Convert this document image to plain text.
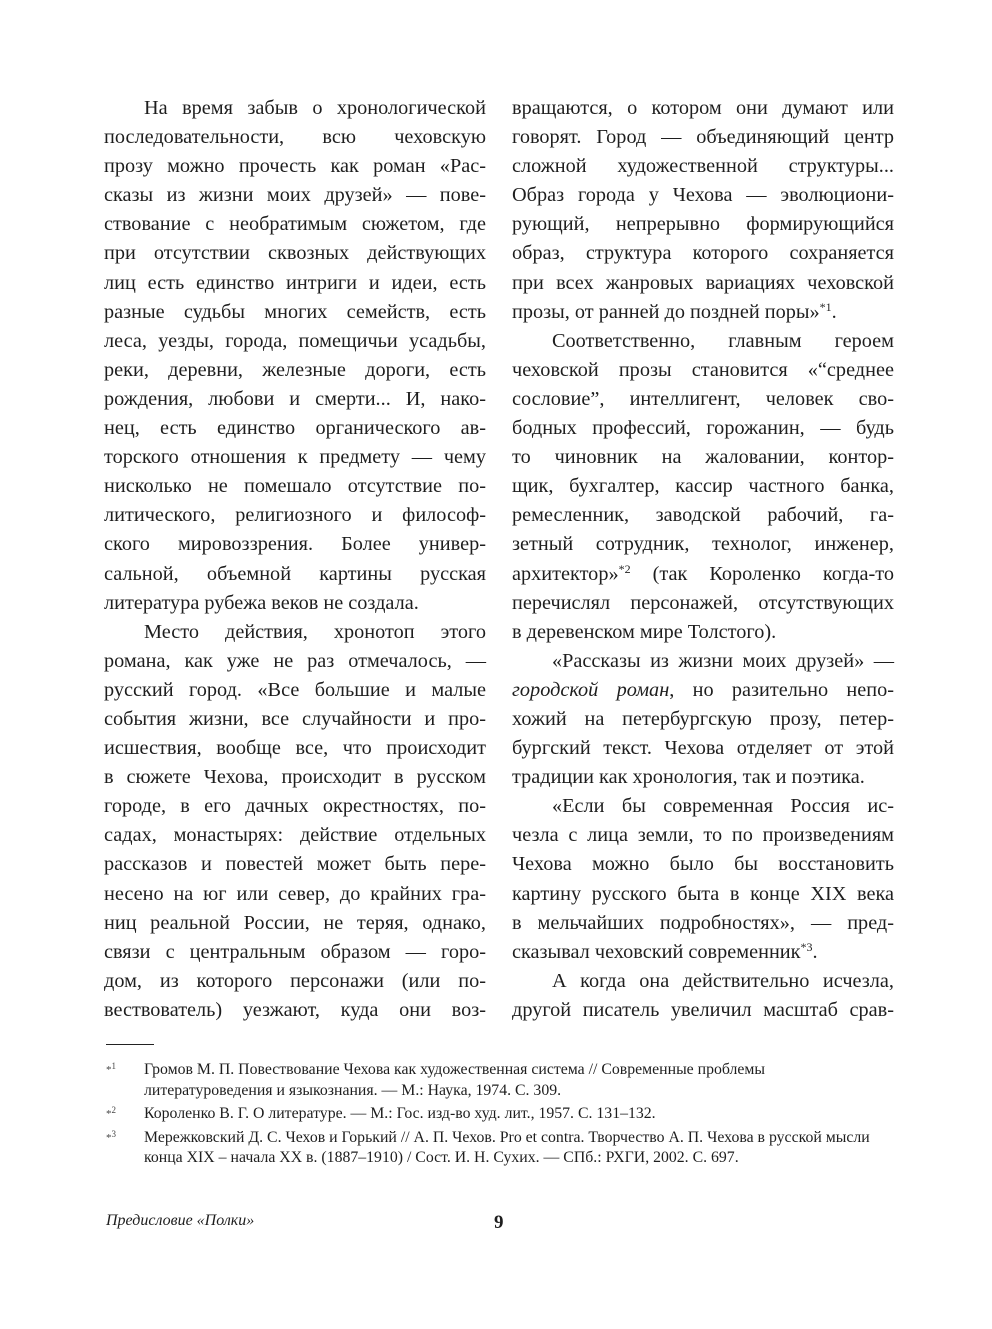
На время забыв о хронологической
последовательности, всю чеховскую
прозу можно прочесть как роман «Рас-
сказы из жизни моих друзей» — пове-
ствование с необратимым сюжетом, где
при отсутствии сквозных действующих
лиц есть единство интриги и идеи, есть
разные судьбы многих семейств, есть
леса, уезды, города, помещичьи усадьбы,
реки, деревни, железные дороги, есть
рождения, любови и смерти... И, нако-
нец, есть единство органического ав-
торского отношения к предмету — чему
нисколько не помешало отсутствие по-
литического, религиозного и философ-
ского мировоззрения. Более универ-
сальной, объемной картины русская
литература рубежа веков не создала.
Место действия, хронотоп этого
романа, как уже не раз отмечалось, —
русский город. «Все большие и малые
события жизни, все случайности и про-
исшествия, вообще все, что происходит
в сюжете Чехова, происходит в русском
городе, в его дачных окрестностях, по-
садах, монастырях: действие отдельных
рассказов и повестей может быть пере-
несено на юг или север, до крайних гра-
ниц реальной России, не теряя, однако,
связи с центральным образом — горо-
дом, из которого персонажи (или по-
вествователь) уезжают, куда они воз-
вращаются, о котором они думают или
говорят. Город — объединяющий центр
сложной художественной структуры...
Образ города у Чехова — эволюциони-
рующий, непрерывно формирующийся
образ, структура которого сохраняется
при всех жанровых вариациях чеховской
прозы, от ранней до поздней поры»$^{*1}$.
Соответственно, главным героем
чеховской прозы становится «“среднее
сословие”, интеллигент, человек сво-
бодных профессий, горожанин, — будь
то чиновник на жаловании, контор-
щик, бухгалтер, кассир частного банка,
ремесленник, заводской рабочий, га-
зетный сотрудник, технолог, инженер,
архитектор»$^{*2}$ (так Короленко когда-то
перечислял персонажей, отсутствующих
в деревенском мире Толстого).
«Рассказы из жизни моих друзей» —
городской роман, но разительно непо-
хожий на петербургскую прозу, петер-
бургский текст. Чехова отделяет от этой
традиции как хронология, так и поэтика.
«Если бы современная Россия ис-
чезла с лица земли, то по произведениям
Чехова можно было бы восстановить
картину русского быта в конце XIX века
в мельчайших подробностях», — пред-
сказывал чеховский современник$^{*3}$.
А когда она действительно исчезла,
другой писатель увеличил масштаб срав-
*$^1$	Громов М. П. Повествование Чехова как художественная система // Современные проблемы литературоведения и языкознания. — М.: Наука, 1974. С. 309.
*$^2$	Короленко В. Г. О литературе. — М.: Гос. изд-во худ. лит., 1957. С. 131–132.
*$^3$	Мережковский Д. С. Чехов и Горький // А. П. Чехов. Pro et contra. Творчество А. П. Чехова в русской мысли конца XIX – начала XX в. (1887–1910) / Сост. И. Н. Сухих. — СПб.: РХГИ, 2002. С. 697.
Предисловие «Полки»	9
